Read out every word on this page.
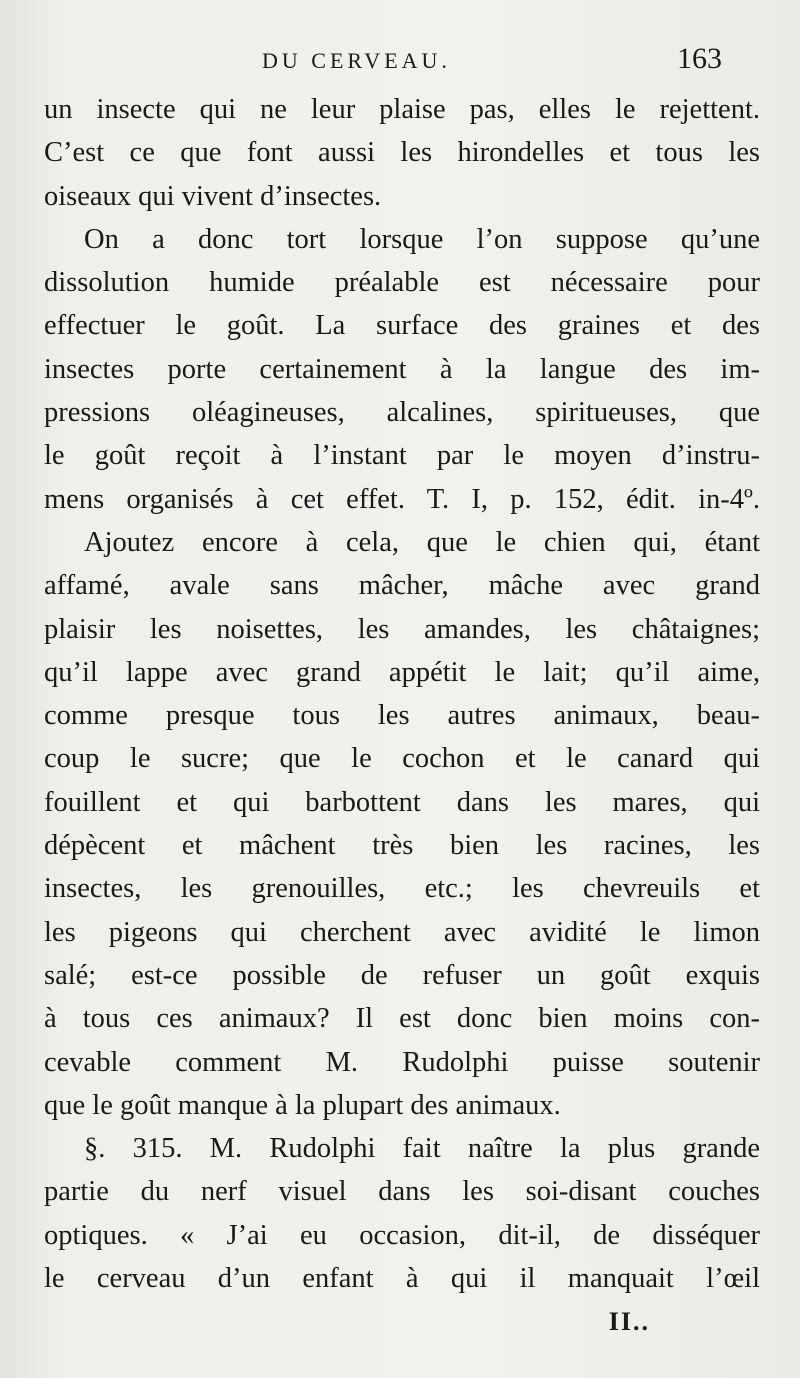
DU CERVEAU.	163
un insecte qui ne leur plaise pas, elles le rejettent.
C’est ce que font aussi les hirondelles et tous les
oiseaux qui vivent d’insectes.
On a donc tort lorsque l’on suppose qu’une
dissolution humide préalable est nécessaire pour
effectuer le goût. La surface des graines et des
insectes porte certainement à la langue des im-
pressions oléagineuses, alcalines, spiritueuses, que
le goût reçoit à l’instant par le moyen d’instru-
mens organisés à cet effet. T. I, p. 152, édit. in-4º.
Ajoutez encore à cela, que le chien qui, étant
affamé, avale sans mâcher, mâche avec grand
plaisir les noisettes, les amandes, les châtaignes;
qu’il lappe avec grand appétit le lait; qu’il aime,
comme presque tous les autres animaux, beau-
coup le sucre; que le cochon et le canard qui
fouillent et qui barbottent dans les mares, qui
dépècent et mâchent très bien les racines, les
insectes, les grenouilles, etc.; les chevreuils et
les pigeons qui cherchent avec avidité le limon
salé; est-ce possible de refuser un goût exquis
à tous ces animaux? Il est donc bien moins con-
cevable comment M. Rudolphi puisse soutenir
que le goût manque à la plupart des animaux.
§. 315. M. Rudolphi fait naître la plus grande
partie du nerf visuel dans les soi-disant couches
optiques. « J’ai eu occasion, dit-il, de disséquer
le cerveau d’un enfant à qui il manquait l’œil
II..
